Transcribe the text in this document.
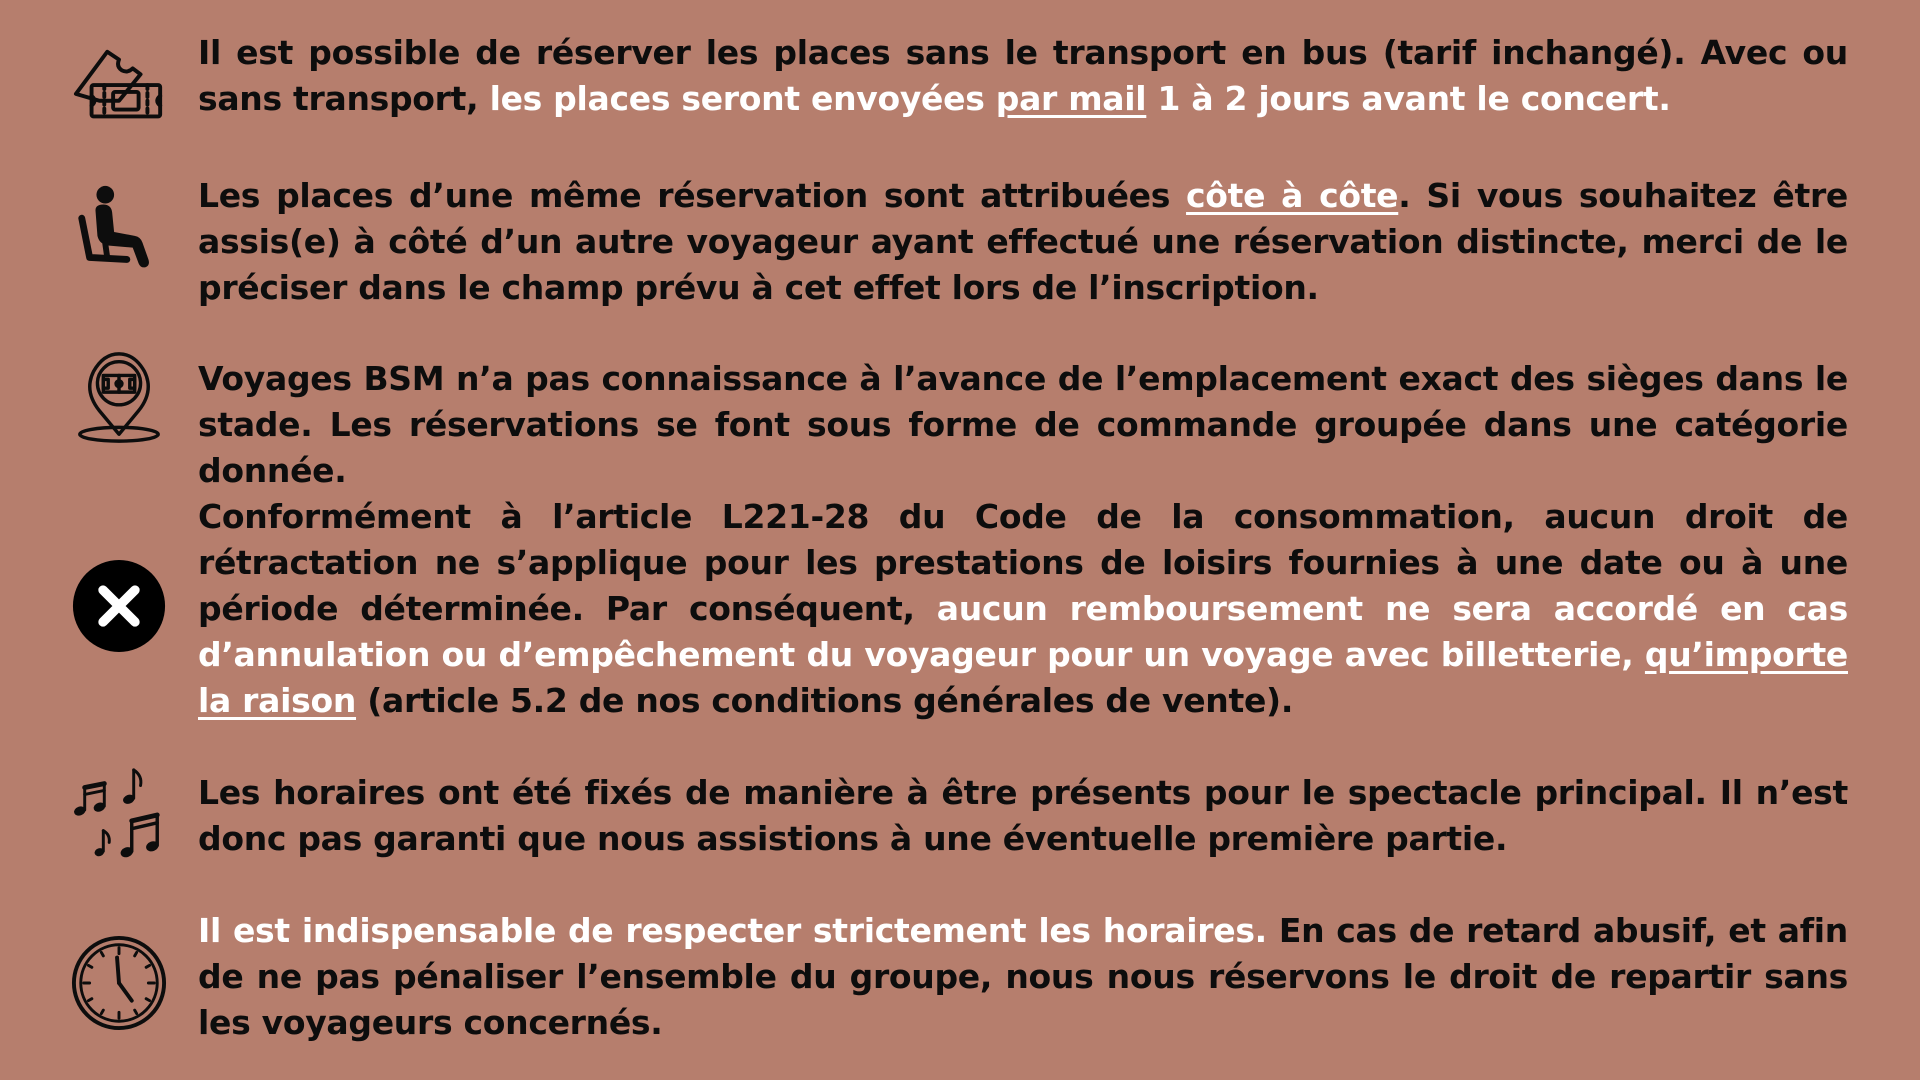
Il est possible de réserver les places sans le transport en bus (tarif inchangé). Avec ou sans transport, les places seront envoyées par mail 1 à 2 jours avant le concert.
Les places d’une même réservation sont attribuées côte à côte. Si vous souhaitez être assis(e) à côté d’un autre voyageur ayant effectué une réservation distincte, merci de le préciser dans le champ prévu à cet effet lors de l’inscription.
Voyages BSM n’a pas connaissance à l’avance de l’emplacement exact des sièges dans le stade. Les réservations se font sous forme de commande groupée dans une catégorie donnée.
Conformément à l’article L221-28 du Code de la consommation, aucun droit de rétractation ne s’applique pour les prestations de loisirs fournies à une date ou à une période déterminée. Par conséquent, aucun remboursement ne sera accordé en cas d’annulation ou d’empêchement du voyageur pour un voyage avec billetterie, qu’importe la raison (article 5.2 de nos conditions générales de vente).
Les horaires ont été fixés de manière à être présents pour le spectacle principal. Il n’est donc pas garanti que nous assistions à une éventuelle première partie.
Il est indispensable de respecter strictement les horaires. En cas de retard abusif, et afin de ne pas pénaliser l’ensemble du groupe, nous nous réservons le droit de repartir sans les voyageurs concernés.
